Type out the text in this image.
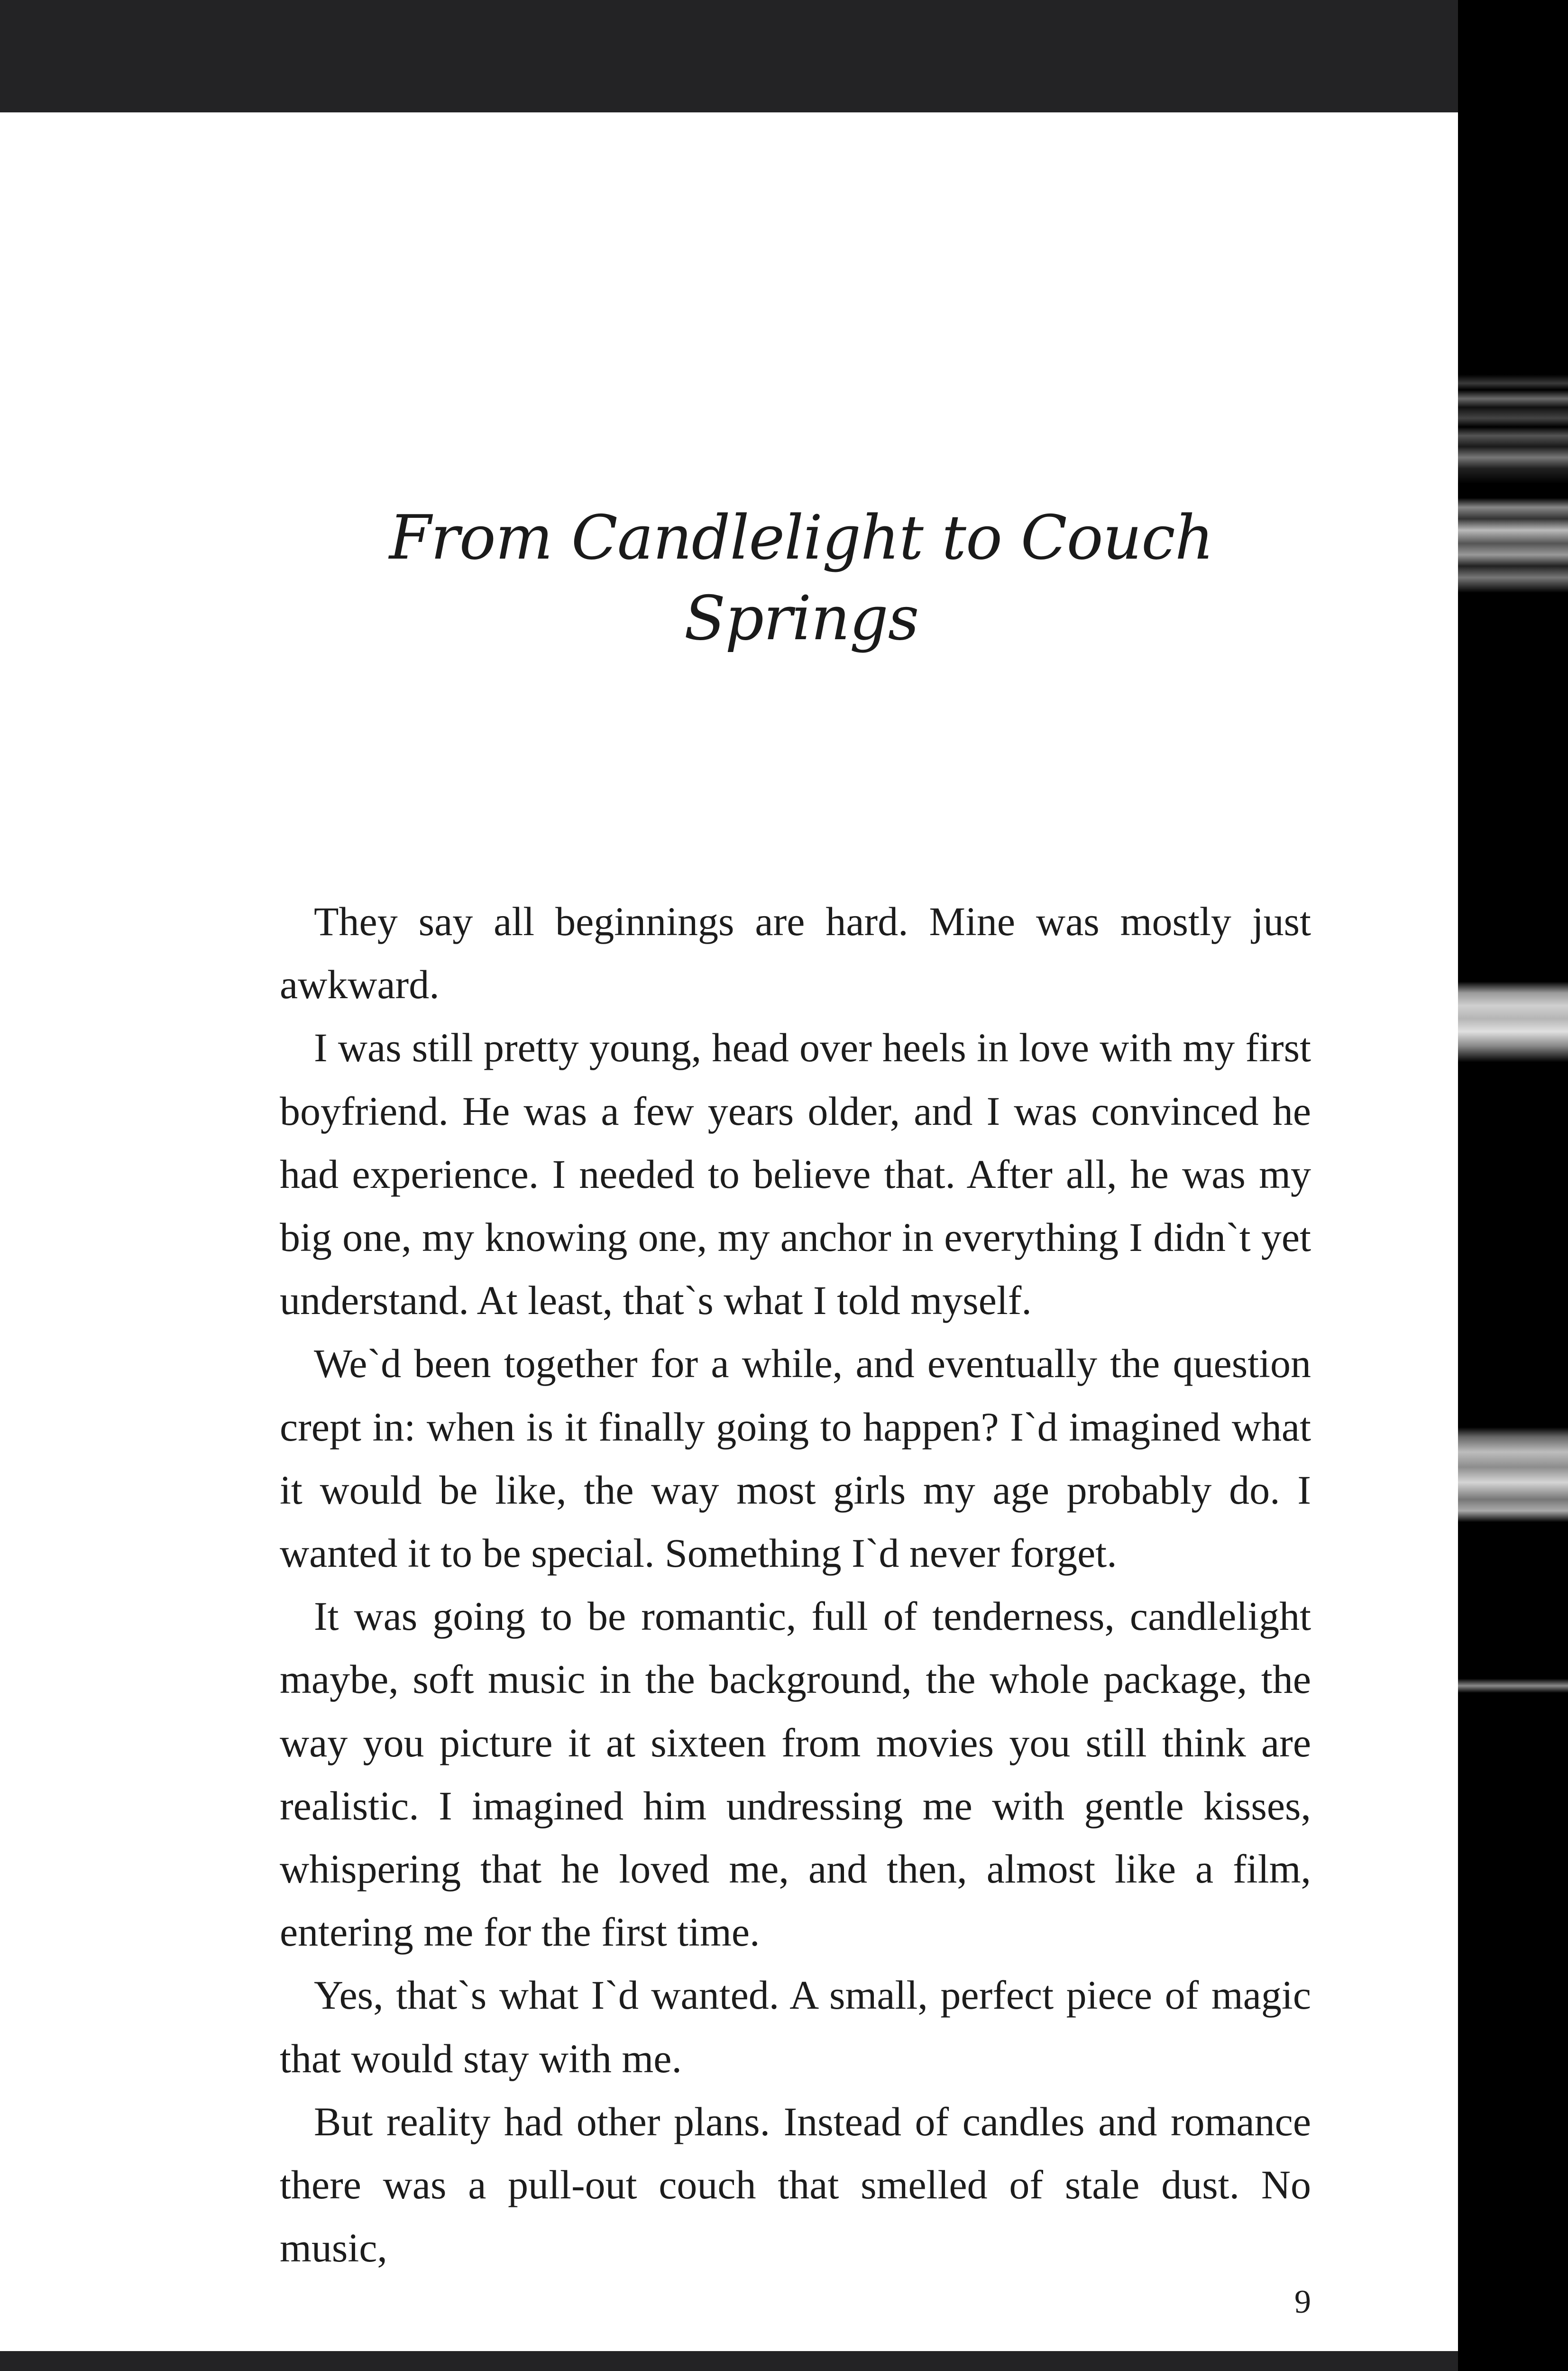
From Candlelight to Couch Springs

They say all beginnings are hard. Mine was mostly just awkward.

I was still pretty young, head over heels in love with my first boyfriend. He was a few years older, and I was convinced he had experience. I needed to believe that. After all, he was my big one, my knowing one, my anchor in everything I didn`t yet understand. At least, that`s what I told myself.

We`d been together for a while, and eventually the question crept in: when is it finally going to happen? I`d imagined what it would be like, the way most girls my age probably do. I wanted it to be special. Something I`d never forget.

It was going to be romantic, full of tenderness, candlelight maybe, soft music in the background, the whole package, the way you picture it at sixteen from movies you still think are realistic. I imagined him undressing me with gentle kisses, whispering that he loved me, and then, almost like a film, entering me for the first time.

Yes, that`s what I`d wanted. A small, perfect piece of magic that would stay with me.

But reality had other plans. Instead of candles and romance there was a pull-out couch that smelled of stale dust. No music,

9
